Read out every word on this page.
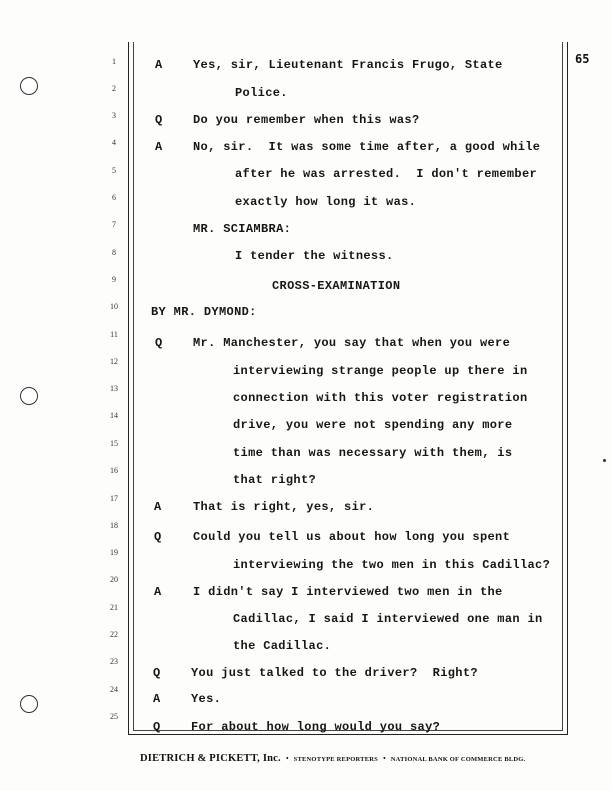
65
1
2
3
4
5
6
7
8
9
10
11
12
13
14
15
16
17
18
19
20
21
22
23
24
25
A	Yes, sir, Lieutenant Francis Frugo, State
Police.
Q	Do you remember when this was?
A	No, sir.  It was some time after, a good while
after he was arrested.  I don't remember
exactly how long it was.
MR. SCIAMBRA:
I tender the witness.
CROSS-EXAMINATION
BY MR. DYMOND:
Q	Mr. Manchester, you say that when you were
interviewing strange people up there in
connection with this voter registration
drive, you were not spending any more
time than was necessary with them, is
that right?
A	That is right, yes, sir.
Q	Could you tell us about how long you spent
interviewing the two men in this Cadillac?
A	I didn't say I interviewed two men in the
Cadillac, I said I interviewed one man in
the Cadillac.
Q	You just talked to the driver?  Right?
A	Yes.
Q	For about how long would you say?
DIETRICH & PICKETT, Inc. • STENOTYPE REPORTERS • NATIONAL BANK OF COMMERCE BLDG.
